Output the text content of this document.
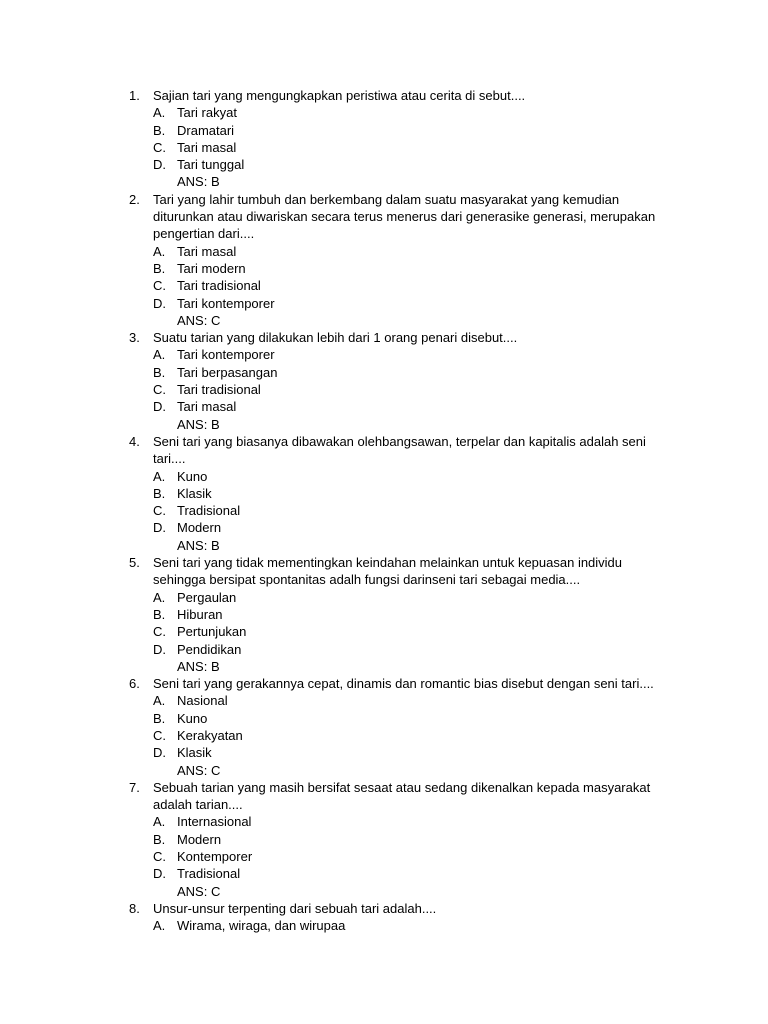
1. Sajian tari yang mengungkapkan peristiwa atau cerita di sebut....
A. Tari rakyat
B. Dramatari
C. Tari masal
D. Tari tunggal
ANS: B
2. Tari yang lahir tumbuh dan berkembang dalam suatu masyarakat yang kemudian
diturunkan atau diwariskan secara terus menerus dari generasike generasi, merupakan
pengertian dari....
A. Tari masal
B. Tari modern
C. Tari tradisional
D. Tari kontemporer
ANS: C
3. Suatu tarian yang dilakukan lebih dari 1 orang penari disebut....
A. Tari kontemporer
B. Tari berpasangan
C. Tari tradisional
D. Tari masal
ANS: B
4. Seni tari yang biasanya dibawakan olehbangsawan, terpelar dan kapitalis adalah seni
tari....
A. Kuno
B. Klasik
C. Tradisional
D. Modern
ANS: B
5. Seni tari yang tidak mementingkan keindahan melainkan untuk kepuasan individu
sehingga bersipat spontanitas adalh fungsi darinseni tari sebagai media....
A. Pergaulan
B. Hiburan
C. Pertunjukan
D. Pendidikan
ANS: B
6. Seni tari yang gerakannya cepat, dinamis dan romantic bias disebut dengan seni tari....
A. Nasional
B. Kuno
C. Kerakyatan
D. Klasik
ANS: C
7. Sebuah tarian yang masih bersifat sesaat atau sedang dikenalkan kepada masyarakat
adalah tarian....
A. Internasional
B. Modern
C. Kontemporer
D. Tradisional
ANS: C
8. Unsur-unsur terpenting dari sebuah tari adalah....
A. Wirama, wiraga, dan wirupaa
